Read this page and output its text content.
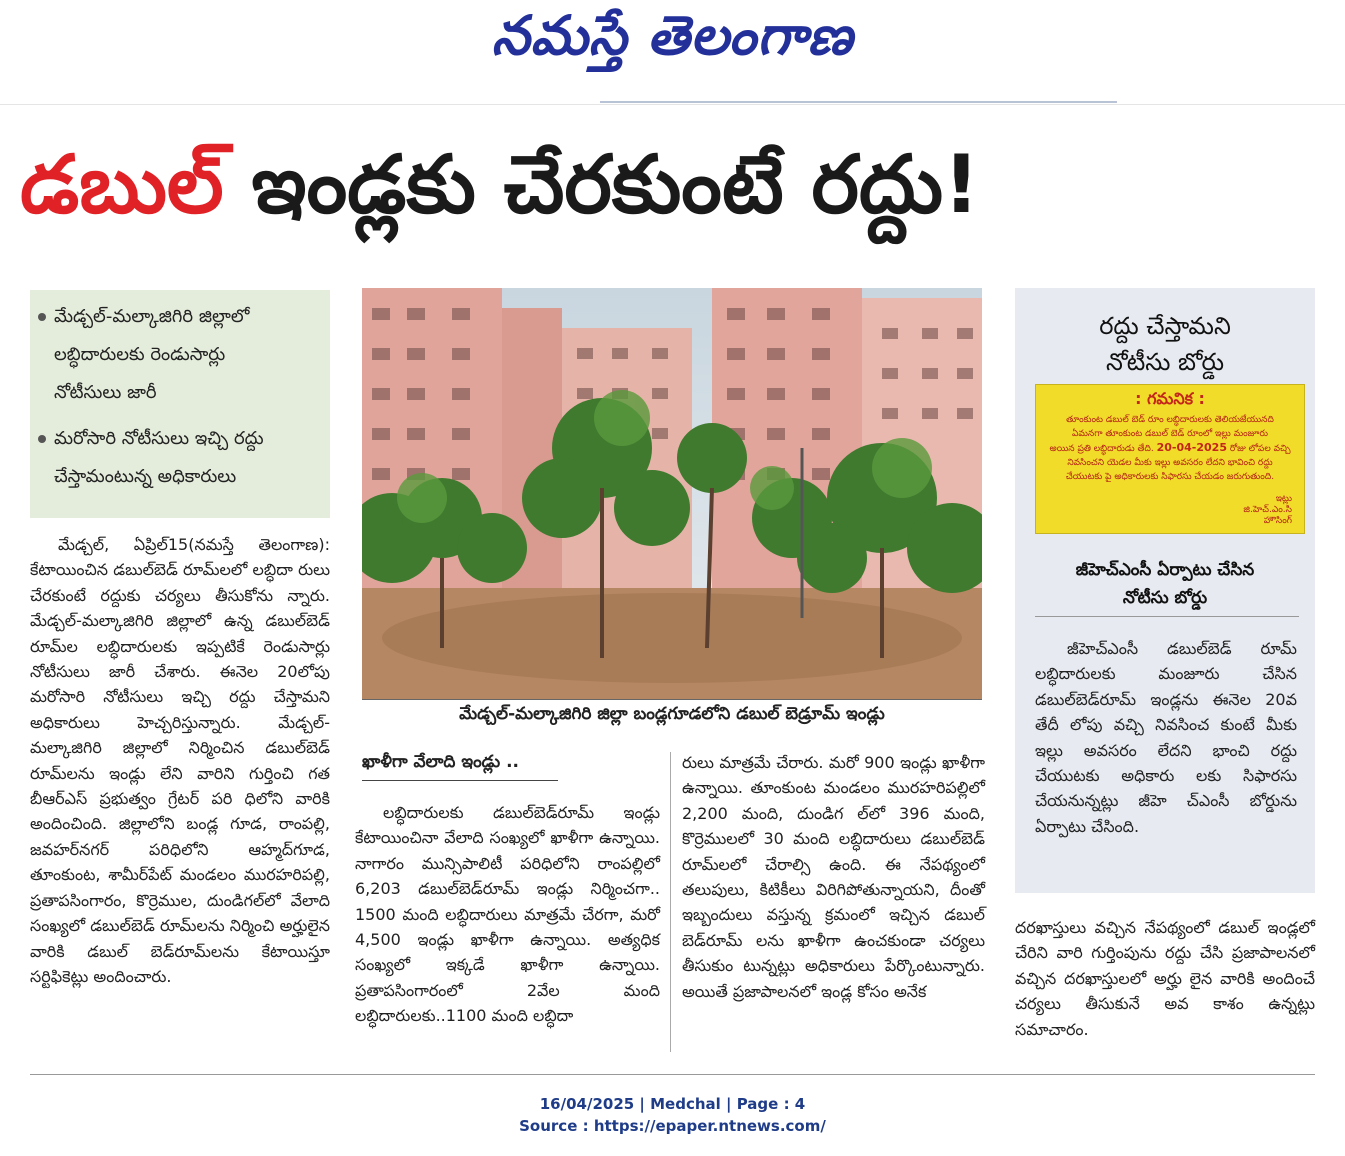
నమస్తే తెలంగాణ
డబుల్ ఇండ్లకు చేరకుంటే రద్దు!
మేడ్చల్-మల్కాజిగిరి జిల్లాలో
లబ్ధిదారులకు రెండుసార్లు
నోటీసులు జారీ
మరోసారి నోటీసులు ఇచ్చి రద్దు
చేస్తామంటున్న అధికారులు
మేడ్చల్-మల్కాజిగిరి జిల్లా బండ్లగూడలోని డబుల్ బెడ్రూమ్ ఇండ్లు
రద్దు చేస్తామని
నోటీసు బోర్డు
: గమనిక :
తూంకుంట డబుల్ బెడ్ రూం లబ్ధిదారులకు తెలియజేయునది
ఏమనగా తూంకుంట డబుల్ బెడ్ రూంలో ఇల్లు మంజూరు
అయిన ప్రతి లబ్ధిదారుడు తేది. 20-04-2025 రోజు లోపల వచ్చి
నివసించని యెడల మీకు ఇల్లు అవసరం లేదని భావించి రద్దు
చేయుటకు పై అధికారులకు సిఫారసు చేయడం జరుగుతుంది.
ఇట్లు
జి.హెచ్.ఎం.సి
హౌసింగ్
జీహెచ్ఎంసీ ఏర్పాటు చేసిన
నోటీసు బోర్డు
జీహెచ్ఎంసీ డబుల్‌బెడ్ రూమ్ లబ్ధిదారులకు మంజూరు చేసిన డబుల్‌బెడ్‌రూమ్ ఇండ్లను ఈనెల 20వ తేదీ లోపు వచ్చి నివసించ కుంటే మీకు ఇల్లు అవసరం లేదని భాంచి రద్దు చేయుటకు అధికారు లకు సిఫారసు చేయనున్నట్లు జీహె చ్ఎంసీ బోర్డును ఏర్పాటు చేసింది.
మేడ్చల్, ఏప్రిల్15(నమస్తే తెలంగాణ): కేటాయించిన డబుల్‌బెడ్ రూమ్‌లలో లబ్ధిదా రులు చేరకుంటే రద్దుకు చర్యలు తీసుకోను న్నారు. మేడ్చల్-మల్కాజిగిరి జిల్లాలో ఉన్న డబుల్‌బెడ్ రూమ్‌ల లబ్ధిదారులకు ఇప్పటికే రెండుసార్లు నోటీసులు జారీ చేశారు. ఈనెల 20లోపు మరోసారి నోటీసులు ఇచ్చి రద్దు చేస్తామని అధికారులు హెచ్చరిస్తున్నారు. మేడ్చల్-మల్కాజిగిరి జిల్లాలో నిర్మించిన డబుల్‌బెడ్ రూమ్‌లను ఇండ్లు లేని వారిని గుర్తించి గత బీఆర్‌ఎస్ ప్రభుత్వం గ్రేటర్ పరి ధిలోని వారికి అందించింది. జిల్లాలోని బండ్ల గూడ, రాంపల్లి, జవహర్‌నగర్ పరిధిలోని ఆహ్మద్‌గూడ, తూంకుంట, శామీర్‌పేట్ మండలం మురహరిపల్లి, ప్రతాపసింగారం, కొర్రెముల, దుండిగల్‌లో వేలాది సంఖ్యలో డబుల్‌బెడ్ రూమ్‌లను నిర్మించి అర్హులైన వారికి డబుల్ బెడ్‌రూమ్‌లను కేటాయిస్తూ సర్టిఫికెట్లు అందించారు.
ఖాళీగా వేలాది ఇండ్లు ..
లబ్ధిదారులకు డబుల్‌బెడ్‌రూమ్ ఇండ్లు కేటాయించినా వేలాది సంఖ్యలో ఖాళీగా ఉన్నాయి. నాగారం మున్సిపాలిటీ పరిధిలోని రాంపల్లిలో 6,203 డబుల్‌బెడ్‌రూమ్ ఇండ్లు నిర్మించగా.. 1500 మంది లబ్ధిదారులు మాత్రమే చేరగా, మరో 4,500 ఇండ్లు ఖాళీగా ఉన్నాయి. అత్యధిక సంఖ్యలో ఇక్కడే ఖాళీగా ఉన్నాయి. ప్రతాపసింగారంలో 2వేల మంది లబ్ధిదారులకు..1100 మంది లబ్ధిదా
రులు మాత్రమే చేరారు. మరో 900 ఇండ్లు ఖాళీగా ఉన్నాయి. తూంకుంట మండలం మురహరిపల్లిలో 2,200 మంది, దుండిగ ల్‌లో 396 మంది, కొర్రెములలో 30 మంది లబ్ధిదారులు డబుల్‌బెడ్ రూమ్‌లలో చేరాల్సి ఉంది. ఈ నేపథ్యంలో తలుపులు, కిటికీలు విరిగిపోతున్నాయని, దీంతో ఇబ్బందులు వస్తున్న క్రమంలో ఇచ్చిన డబుల్ బెడ్‌రూమ్ లను ఖాళీగా ఉంచకుండా చర్యలు తీసుకుం టున్నట్లు అధికారులు పేర్కొంటున్నారు. అయితే ప్రజాపాలనలో ఇండ్ల కోసం అనేక
దరఖాస్తులు వచ్చిన నేపథ్యంలో డబుల్ ఇండ్లలో చేరిని వారి గుర్తింపును రద్దు చేసి ప్రజాపాలనలో వచ్చిన దరఖాస్తులలో అర్హు లైన వారికి అందించే చర్యలు తీసుకునే అవ కాశం ఉన్నట్లు సమాచారం.
16/04/2025 | Medchal | Page : 4
Source : https://epaper.ntnews.com/
